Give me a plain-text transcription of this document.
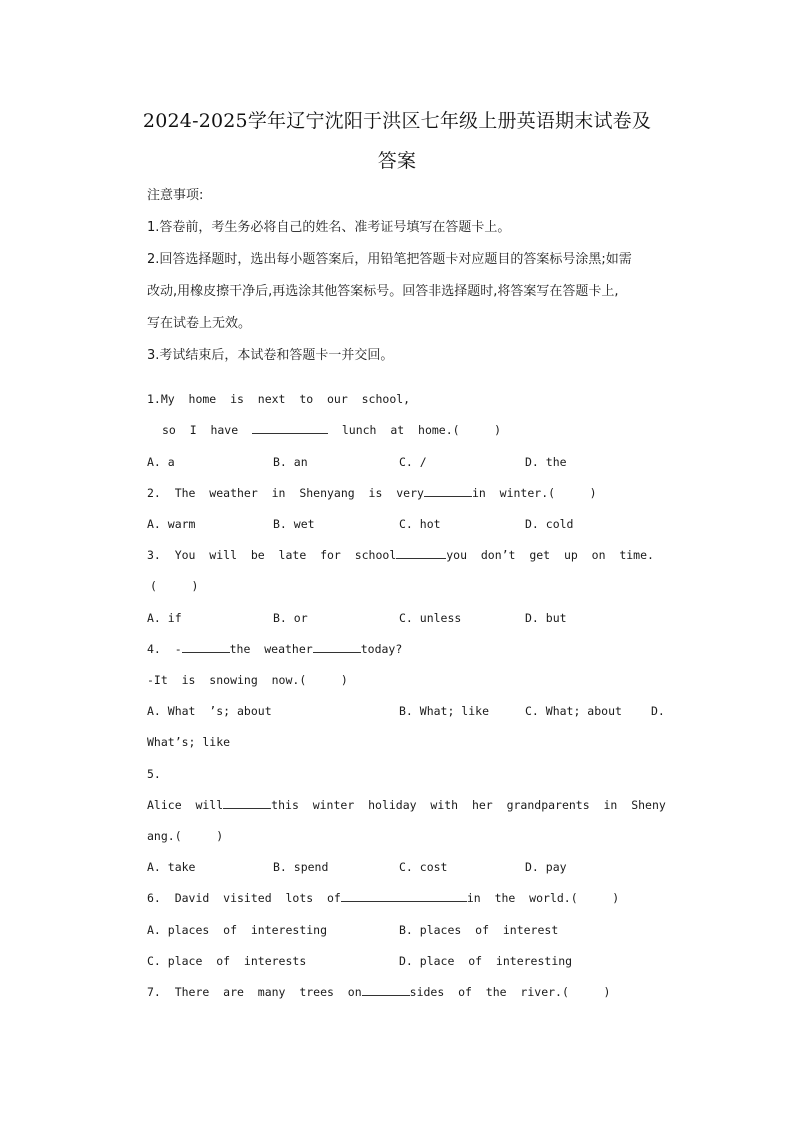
2024-2025学年辽宁沈阳于洪区七年级上册英语期末试卷及
答案
注意事项:
1.答卷前，考生务必将自己的姓名、准考证号填写在答题卡上。
2.回答选择题时，选出每小题答案后，用铅笔把答题卡对应题目的答案标号涂黑;如需
改动,用橡皮擦干净后,再选涂其他答案标号。回答非选择题时,将答案写在答题卡上,
写在试卷上无效。
3.考试结束后，本试卷和答题卡一并交回。
1.My  home  is  next  to  our  school,
so  I  have	lunch  at  home.(     )
A. a	B. an	C. /	D. the
2.  The  weather  in  Shenyang  is  very	in  winter.(     )
A. warm	B. wet	C. hot	D. cold
3.  You  will  be  late  for  school	you  don’t  get  up  on  time.
(     )
A. if	B. or	C. unless	D. but
4.  -	the  weather	today?
-It  is  snowing  now.(     )
A. What  ’s; about	B. What; like	C. What; about	D.
What’s; like
5.
Alice  will	this  winter  holiday  with  her  grandparents  in  Sheny
ang.(     )
A. take	B. spend	C. cost	D. pay
6.  David  visited  lots  of	in  the  world.(     )
A. places  of  interesting	B. places  of  interest
C. place  of  interests	D. place  of  interesting
7.  There  are  many  trees  on	sides  of  the  river.(     )
